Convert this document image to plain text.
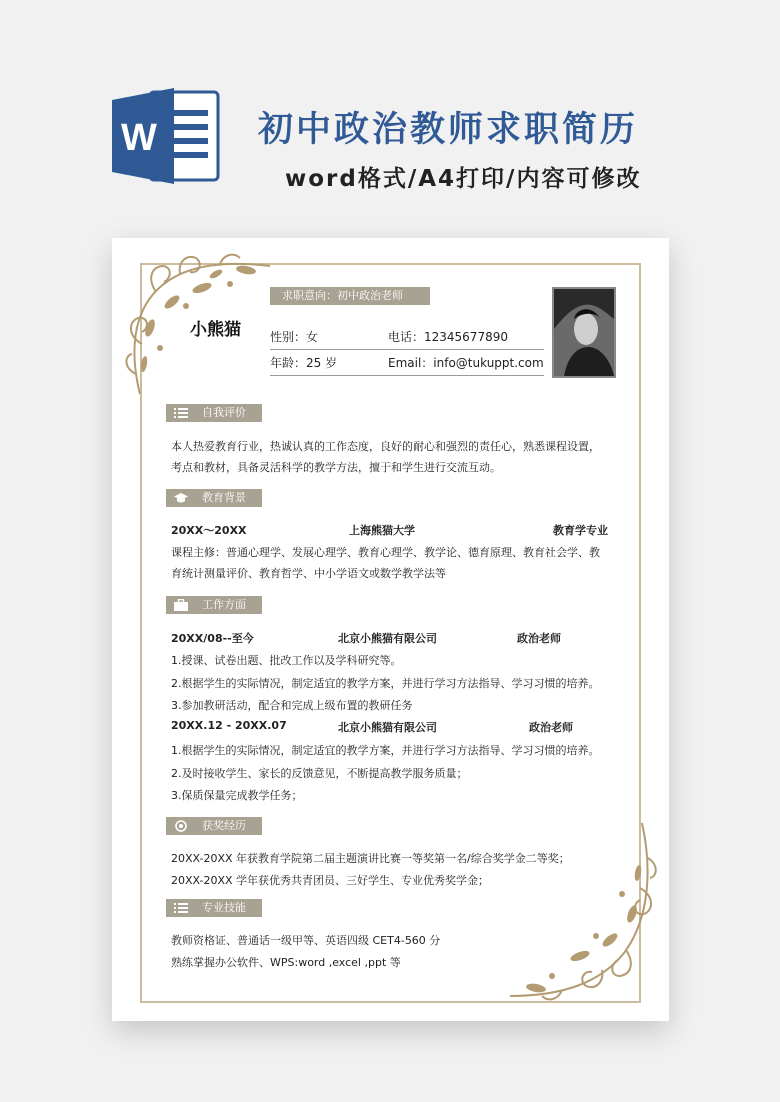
W	初中政治教师求职简历
word格式/A4打印/内容可修改
小熊猫
求职意向：初中政治老师
性别：女	电话：12345677890
年龄：25 岁	Email：info@tukuppt.com
自我评价
本人热爱教育行业，热诚认真的工作态度，良好的耐心和强烈的责任心，熟悉课程设置，
考点和教材，具备灵活科学的教学方法，擅于和学生进行交流互动。
教育背景
20XX～20XX	上海熊猫大学	教育学专业
课程主修：普通心理学、发展心理学、教育心理学、教学论、德育原理、教育社会学、教
育统计测量评价、教育哲学、中小学语文或数学教学法等
工作方面
20XX/08--至今	北京小熊猫有限公司	政治老师
1.授课、试卷出题、批改工作以及学科研究等。
2.根据学生的实际情况，制定适宜的教学方案，并进行学习方法指导、学习习惯的培养。
3.参加教研活动，配合和完成上级布置的教研任务
20XX.12 - 20XX.07	北京小熊猫有限公司	政治老师
1.根据学生的实际情况，制定适宜的教学方案，并进行学习方法指导、学习习惯的培养。
2.及时接收学生、家长的反馈意见，不断提高教学服务质量；
3.保质保量完成教学任务；
获奖经历
20XX-20XX 年获教育学院第二届主题演讲比赛一等奖第一名/综合奖学金二等奖；
20XX-20XX 学年获优秀共青团员、三好学生、专业优秀奖学金；
专业技能
教师资格证、普通话一级甲等、英语四级 CET4-560 分
熟练掌握办公软件、WPS:word ,excel ,ppt 等
